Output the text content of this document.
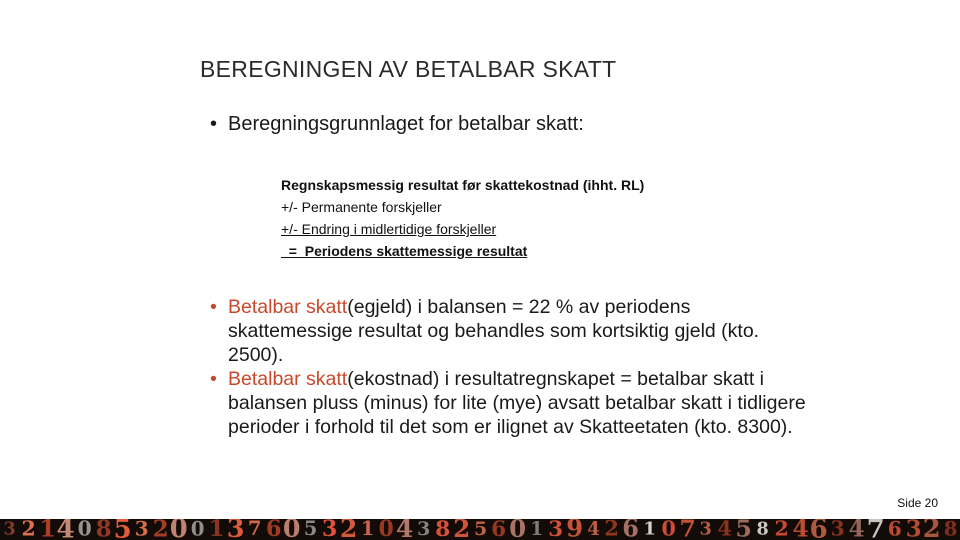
BEREGNINGEN AV BETALBAR SKATT
• Beregningsgrunnlaget for betalbar skatt:
Regnskapsmessig resultat før skattekostnad (ihht. RL)
+/- Permanente forskjeller
+/- Endring i midlertidige forskjeller
=  Periodens skattemessige resultat
• Betalbar skatt(egjeld) i balansen = 22 % av periodens skattemessige resultat og behandles som kortsiktig gjeld (kto. 2500).
• Betalbar skatt(ekostnad) i resultatregnskapet = betalbar skatt i balansen pluss (minus) for lite (mye) avsatt betalbar skatt i tidligere perioder i forhold til det som er ilignet av Skatteetaten (kto. 8300).
Side 20
3 2 1 4 0 8 5 3 2 0 0 1 3 7 6 0 5 3 2 1 0 4 3 8 2 5 6 0 1 3 9 4 2 6 1 0 7 3 4 5 8 2 4 6 3 4 7 6 3 2 8
